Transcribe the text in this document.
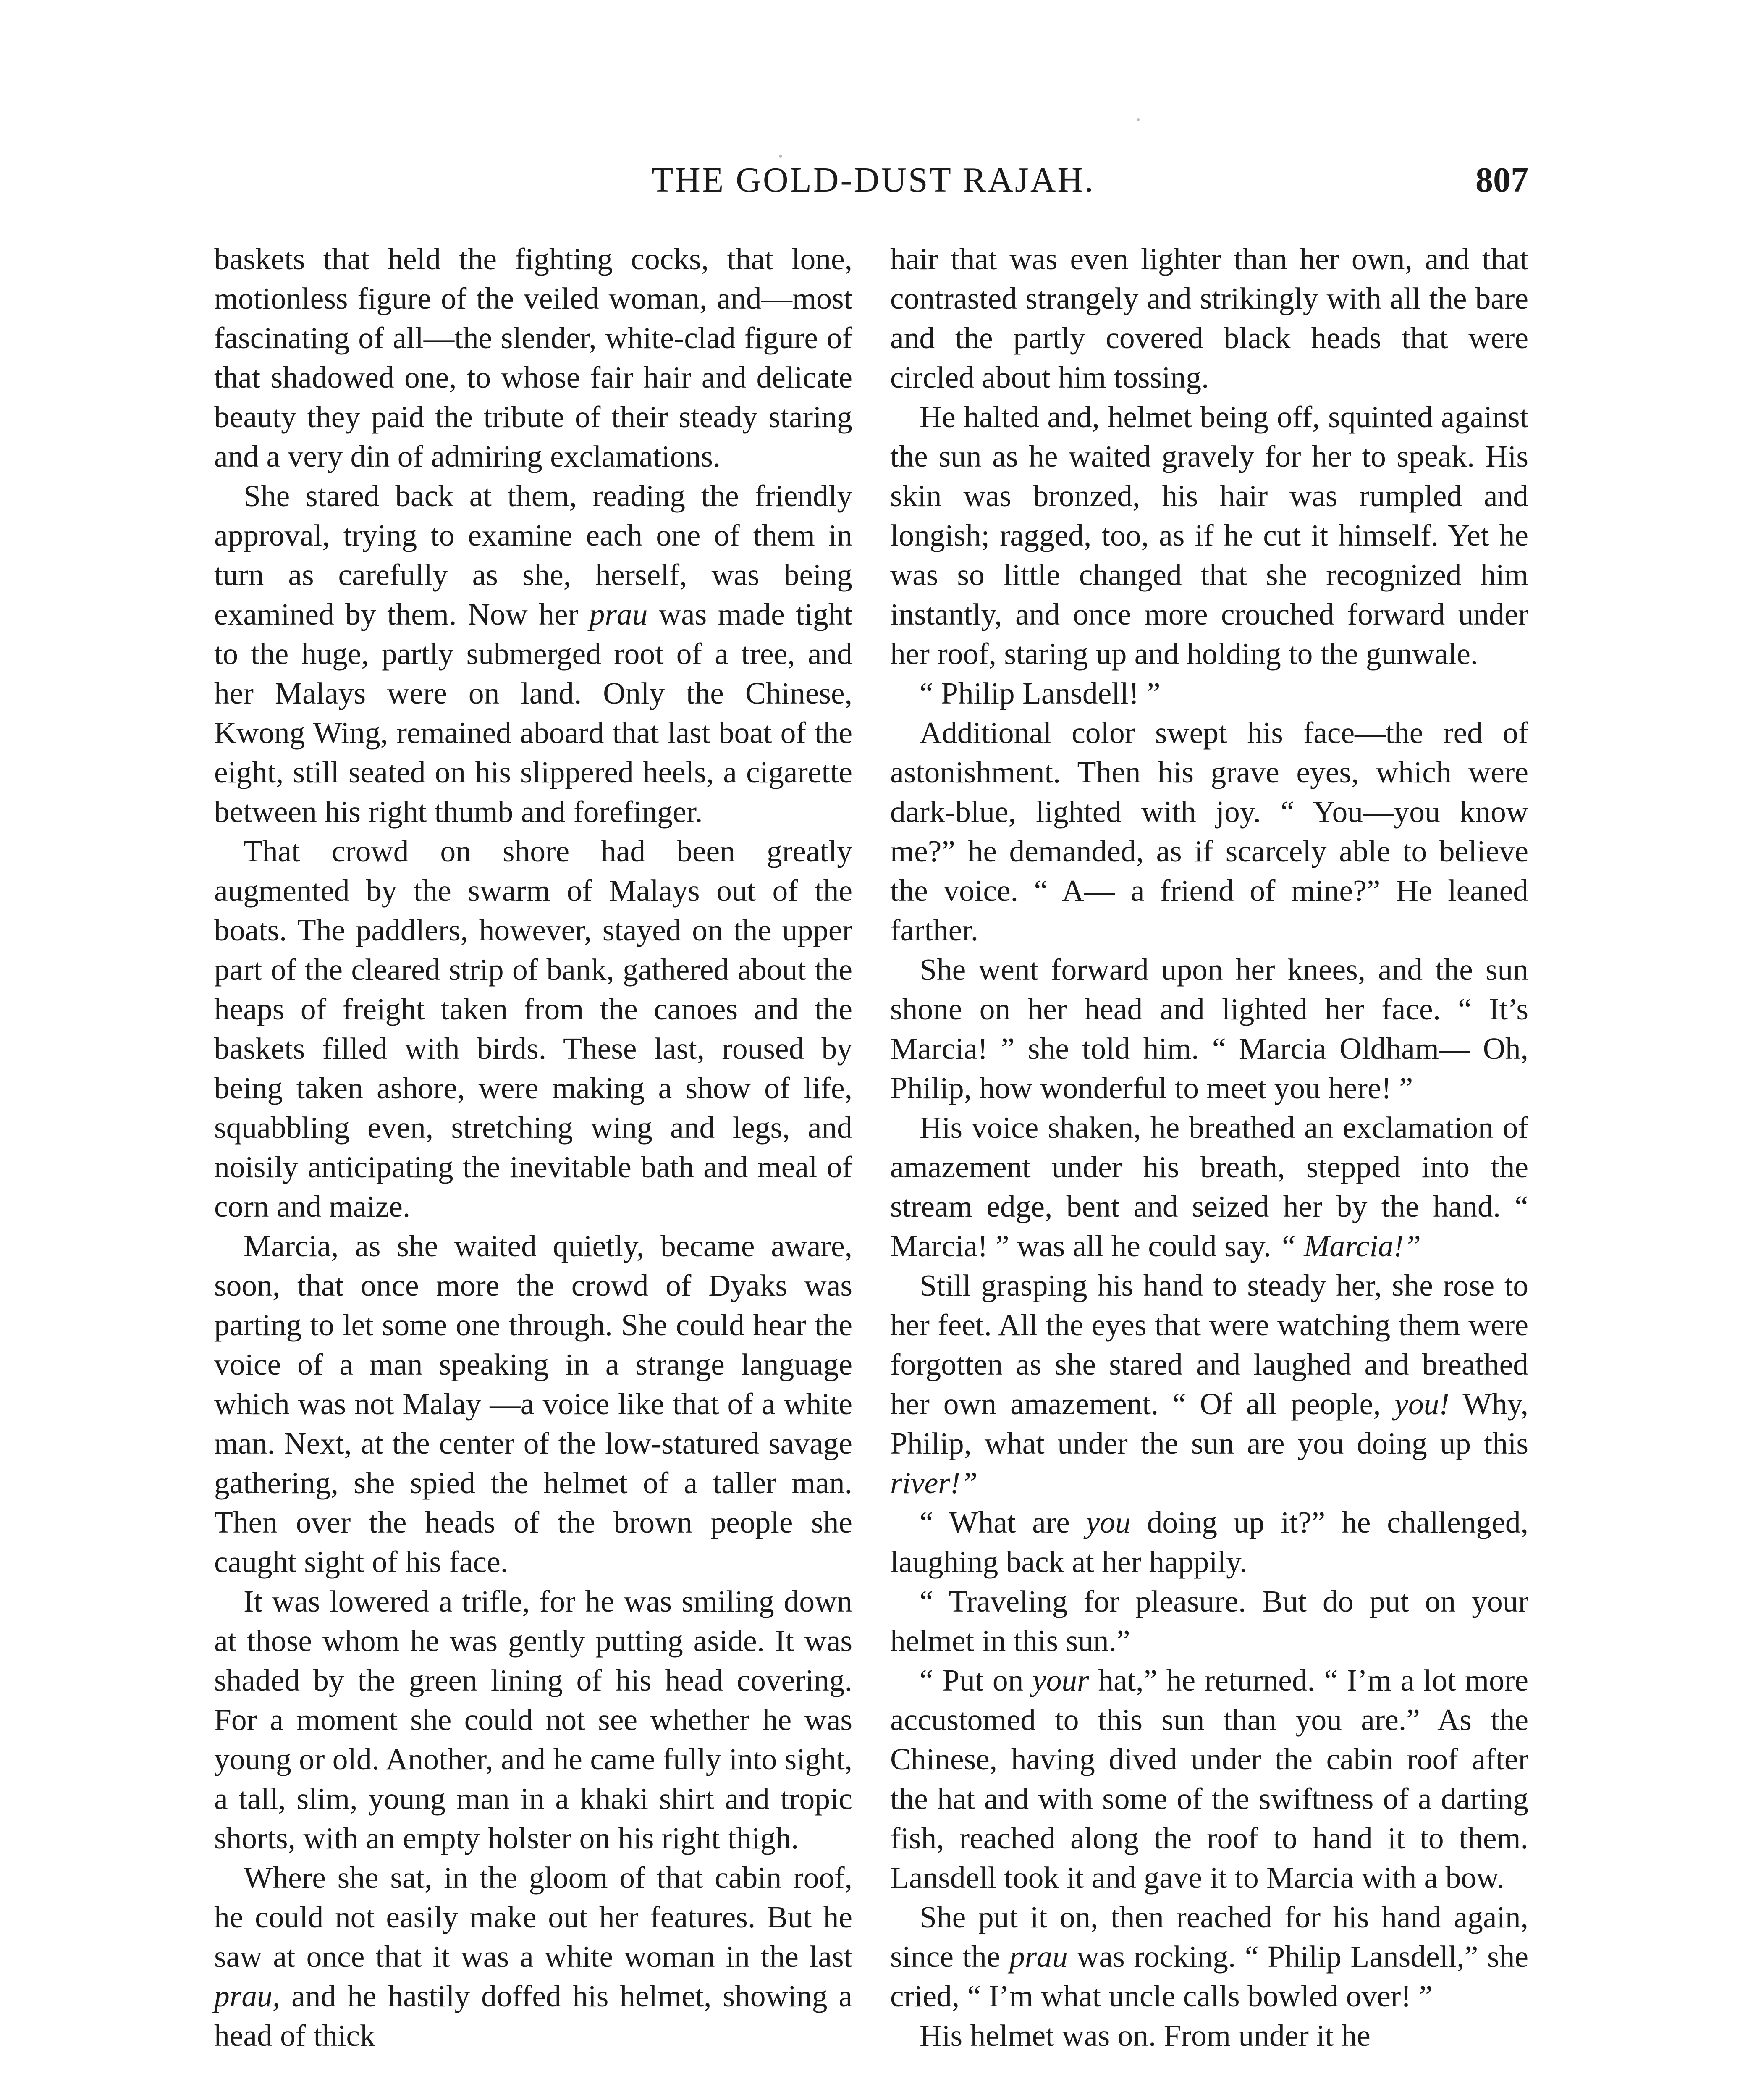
THE GOLD-DUST RAJAH.	807

baskets that held the fighting cocks, that lone, motionless figure of the veiled woman, and—most fascinating of all—the slender, white-clad figure of that shadowed one, to whose fair hair and delicate beauty they paid the tribute of their steady staring and a very din of admiring exclamations.

She stared back at them, reading the friendly approval, trying to examine each one of them in turn as carefully as she, herself, was being examined by them. Now her prau was made tight to the huge, partly submerged root of a tree, and her Malays were on land. Only the Chinese, Kwong Wing, remained aboard that last boat of the eight, still seated on his slippered heels, a cigarette between his right thumb and forefinger.

That crowd on shore had been greatly augmented by the swarm of Malays out of the boats. The paddlers, however, stayed on the upper part of the cleared strip of bank, gathered about the heaps of freight taken from the canoes and the baskets filled with birds. These last, roused by being taken ashore, were making a show of life, squabbling even, stretching wing and legs, and noisily anticipating the inevitable bath and meal of corn and maize.

Marcia, as she waited quietly, became aware, soon, that once more the crowd of Dyaks was parting to let some one through. She could hear the voice of a man speaking in a strange language which was not Malay —a voice like that of a white man. Next, at the center of the low-statured savage gathering, she spied the helmet of a taller man. Then over the heads of the brown people she caught sight of his face.

It was lowered a trifle, for he was smiling down at those whom he was gently putting aside. It was shaded by the green lining of his head covering. For a moment she could not see whether he was young or old. Another, and he came fully into sight, a tall, slim, young man in a khaki shirt and tropic shorts, with an empty holster on his right thigh.

Where she sat, in the gloom of that cabin roof, he could not easily make out her features. But he saw at once that it was a white woman in the last prau, and he hastily doffed his helmet, showing a head of thick

hair that was even lighter than her own, and that contrasted strangely and strikingly with all the bare and the partly covered black heads that were circled about him tossing.

He halted and, helmet being off, squinted against the sun as he waited gravely for her to speak. His skin was bronzed, his hair was rumpled and longish; ragged, too, as if he cut it himself. Yet he was so little changed that she recognized him instantly, and once more crouched forward under her roof, staring up and holding to the gunwale.

“ Philip Lansdell! ”

Additional color swept his face—the red of astonishment. Then his grave eyes, which were dark-blue, lighted with joy. “ You—you know me?” he demanded, as if scarcely able to believe the voice. “ A— a friend of mine?” He leaned farther.

She went forward upon her knees, and the sun shone on her head and lighted her face. “ It’s Marcia! ” she told him. “ Marcia Oldham— Oh, Philip, how wonderful to meet you here! ”

His voice shaken, he breathed an exclamation of amazement under his breath, stepped into the stream edge, bent and seized her by the hand. “ Marcia! ” was all he could say. “ Marcia!”

Still grasping his hand to steady her, she rose to her feet. All the eyes that were watching them were forgotten as she stared and laughed and breathed her own amazement. “ Of all people, you! Why, Philip, what under the sun are you doing up this river!”

“ What are you doing up it?” he challenged, laughing back at her happily.

“ Traveling for pleasure. But do put on your helmet in this sun.”

“ Put on your hat,” he returned. “ I’m a lot more accustomed to this sun than you are.” As the Chinese, having dived under the cabin roof after the hat and with some of the swiftness of a darting fish, reached along the roof to hand it to them. Lansdell took it and gave it to Marcia with a bow.

She put it on, then reached for his hand again, since the prau was rocking. “ Philip Lansdell,” she cried, “ I’m what uncle calls bowled over! ”

His helmet was on. From under it he
